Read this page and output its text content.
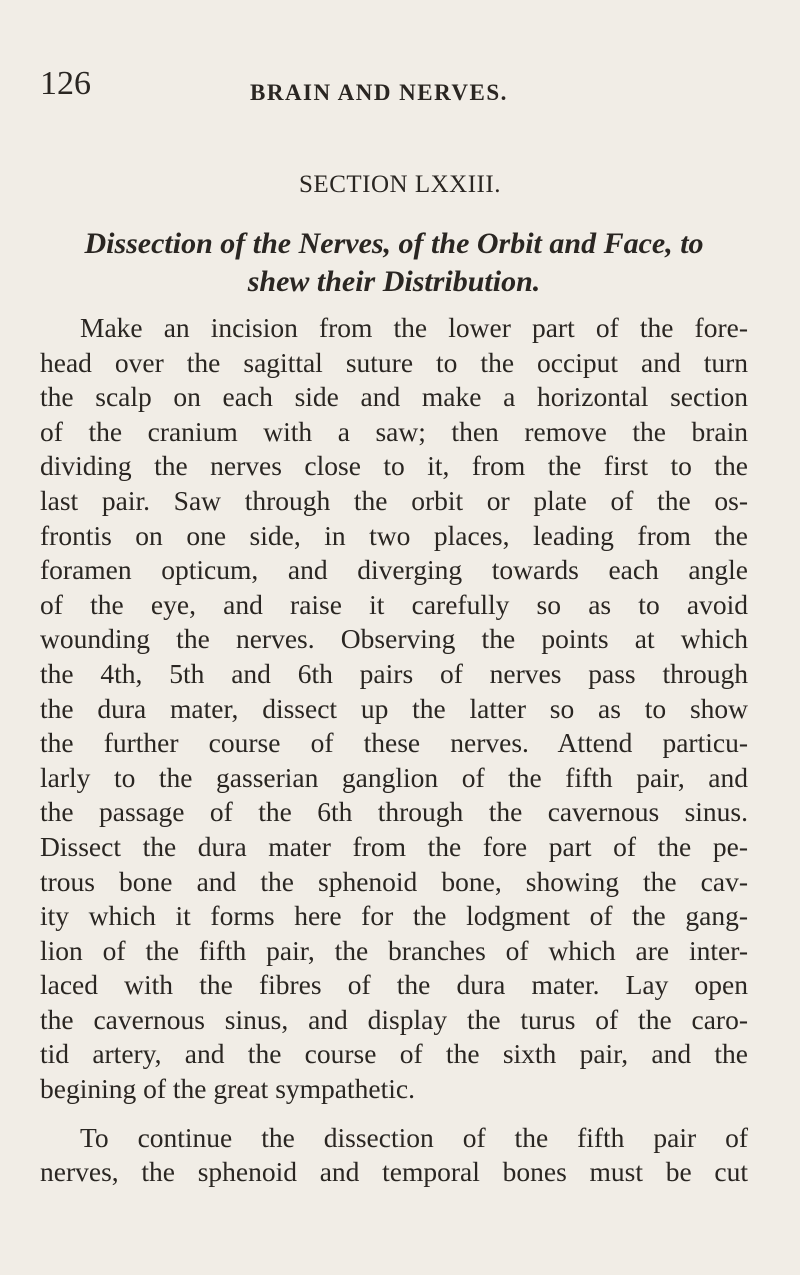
126	BRAIN AND NERVES.
SECTION LXXIII.
Dissection of the Nerves, of the Orbit and Face, to
shew their Distribution.
Make an incision from the lower part of the fore-
head over the sagittal suture to the occiput and turn
the scalp on each side and make a horizontal section
of the cranium with a saw; then remove the brain
dividing the nerves close to it, from the first to the
last pair. Saw through the orbit or plate of the os-
frontis on one side, in two places, leading from the
foramen opticum, and diverging towards each angle
of the eye, and raise it carefully so as to avoid
wounding the nerves. Observing the points at which
the 4th, 5th and 6th pairs of nerves pass through
the dura mater, dissect up the latter so as to show
the further course of these nerves. Attend particu-
larly to the gasserian ganglion of the fifth pair, and
the passage of the 6th through the cavernous sinus.
Dissect the dura mater from the fore part of the pe-
trous bone and the sphenoid bone, showing the cav-
ity which it forms here for the lodgment of the gang-
lion of the fifth pair, the branches of which are inter-
laced with the fibres of the dura mater. Lay open
the cavernous sinus, and display the turus of the caro-
tid artery, and the course of the sixth pair, and the
begining of the great sympathetic.
To continue the dissection of the fifth pair of
nerves, the sphenoid and temporal bones must be cut
